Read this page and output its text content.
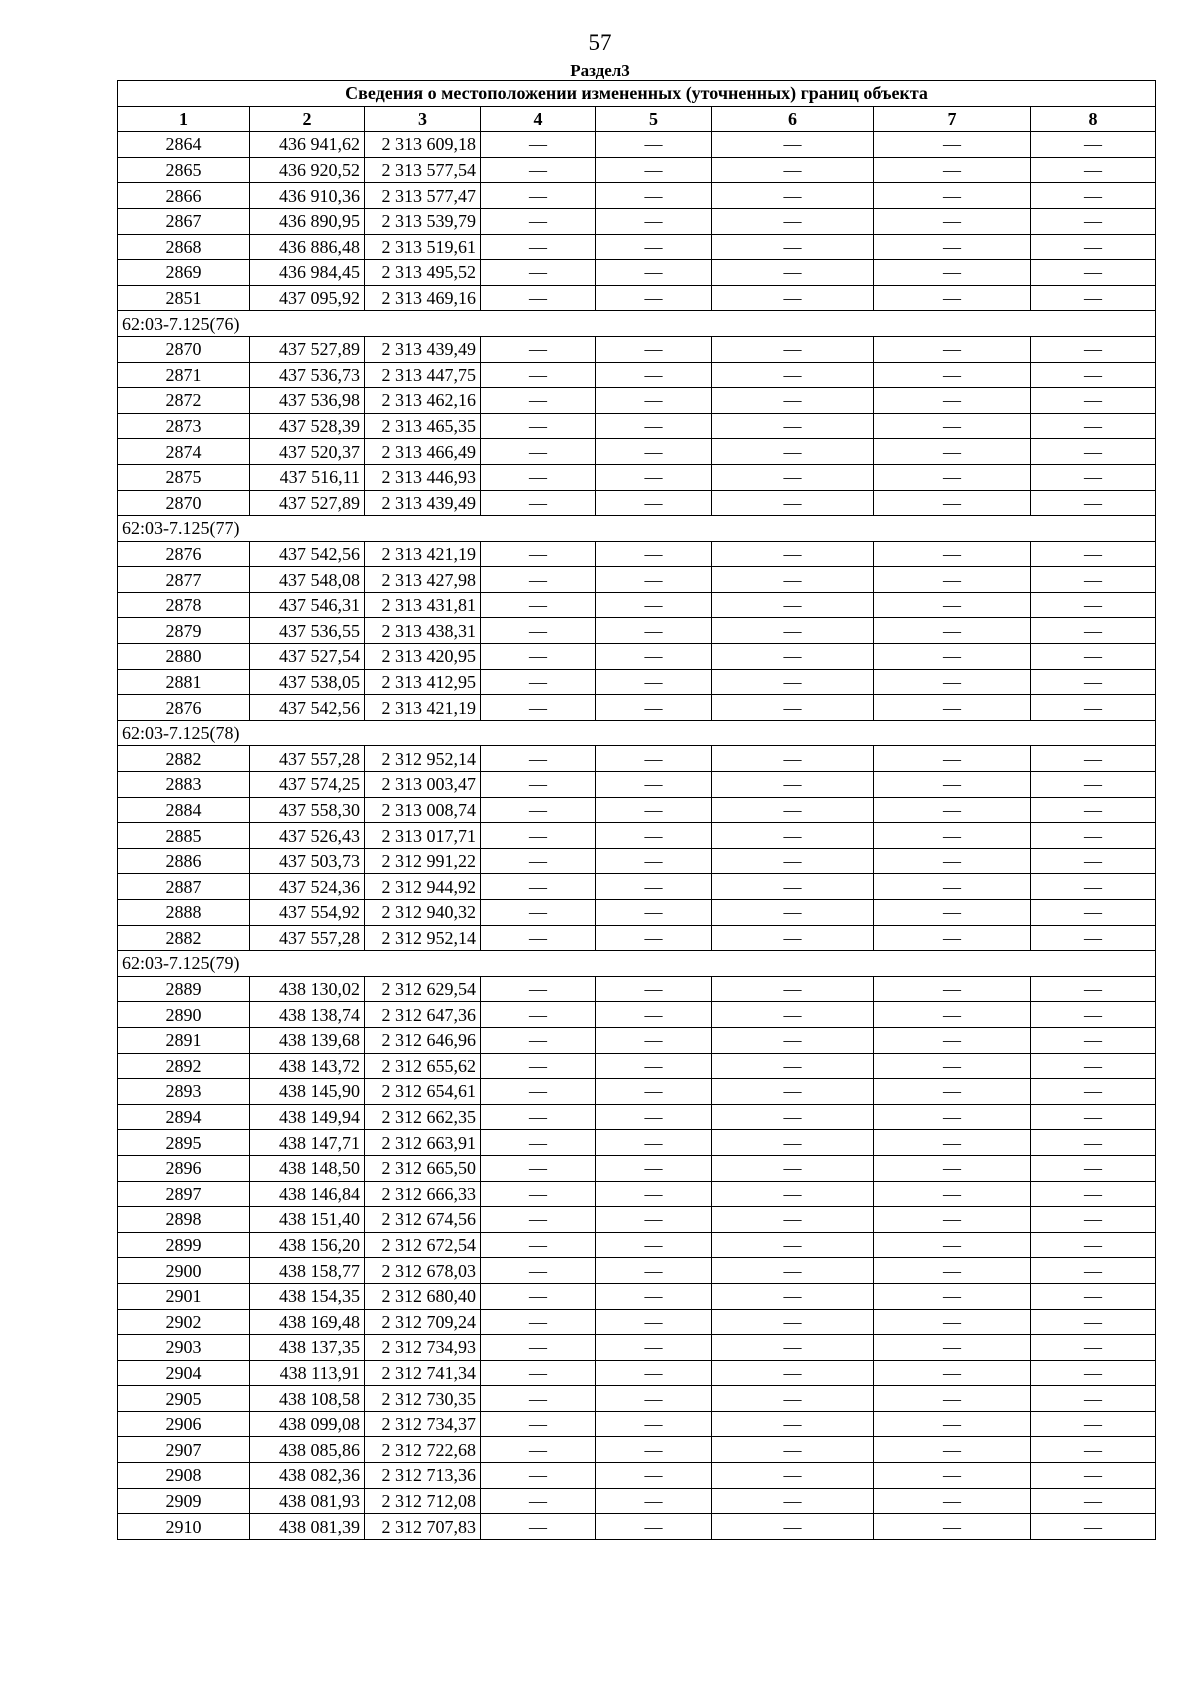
57
Раздел3
Сведения о местоположении измененных (уточненных) границ объекта							
1	2	3	4	5	6	7	8
2864	436 941,62	2 313 609,18	—	—	—	—	—
2865	436 920,52	2 313 577,54	—	—	—	—	—
2866	436 910,36	2 313 577,47	—	—	—	—	—
2867	436 890,95	2 313 539,79	—	—	—	—	—
2868	436 886,48	2 313 519,61	—	—	—	—	—
2869	436 984,45	2 313 495,52	—	—	—	—	—
2851	437 095,92	2 313 469,16	—	—	—	—	—
62:03-7.125(76)							
2870	437 527,89	2 313 439,49	—	—	—	—	—
2871	437 536,73	2 313 447,75	—	—	—	—	—
2872	437 536,98	2 313 462,16	—	—	—	—	—
2873	437 528,39	2 313 465,35	—	—	—	—	—
2874	437 520,37	2 313 466,49	—	—	—	—	—
2875	437 516,11	2 313 446,93	—	—	—	—	—
2870	437 527,89	2 313 439,49	—	—	—	—	—
62:03-7.125(77)							
2876	437 542,56	2 313 421,19	—	—	—	—	—
2877	437 548,08	2 313 427,98	—	—	—	—	—
2878	437 546,31	2 313 431,81	—	—	—	—	—
2879	437 536,55	2 313 438,31	—	—	—	—	—
2880	437 527,54	2 313 420,95	—	—	—	—	—
2881	437 538,05	2 313 412,95	—	—	—	—	—
2876	437 542,56	2 313 421,19	—	—	—	—	—
62:03-7.125(78)							
2882	437 557,28	2 312 952,14	—	—	—	—	—
2883	437 574,25	2 313 003,47	—	—	—	—	—
2884	437 558,30	2 313 008,74	—	—	—	—	—
2885	437 526,43	2 313 017,71	—	—	—	—	—
2886	437 503,73	2 312 991,22	—	—	—	—	—
2887	437 524,36	2 312 944,92	—	—	—	—	—
2888	437 554,92	2 312 940,32	—	—	—	—	—
2882	437 557,28	2 312 952,14	—	—	—	—	—
62:03-7.125(79)							
2889	438 130,02	2 312 629,54	—	—	—	—	—
2890	438 138,74	2 312 647,36	—	—	—	—	—
2891	438 139,68	2 312 646,96	—	—	—	—	—
2892	438 143,72	2 312 655,62	—	—	—	—	—
2893	438 145,90	2 312 654,61	—	—	—	—	—
2894	438 149,94	2 312 662,35	—	—	—	—	—
2895	438 147,71	2 312 663,91	—	—	—	—	—
2896	438 148,50	2 312 665,50	—	—	—	—	—
2897	438 146,84	2 312 666,33	—	—	—	—	—
2898	438 151,40	2 312 674,56	—	—	—	—	—
2899	438 156,20	2 312 672,54	—	—	—	—	—
2900	438 158,77	2 312 678,03	—	—	—	—	—
2901	438 154,35	2 312 680,40	—	—	—	—	—
2902	438 169,48	2 312 709,24	—	—	—	—	—
2903	438 137,35	2 312 734,93	—	—	—	—	—
2904	438 113,91	2 312 741,34	—	—	—	—	—
2905	438 108,58	2 312 730,35	—	—	—	—	—
2906	438 099,08	2 312 734,37	—	—	—	—	—
2907	438 085,86	2 312 722,68	—	—	—	—	—
2908	438 082,36	2 312 713,36	—	—	—	—	—
2909	438 081,93	2 312 712,08	—	—	—	—	—
2910	438 081,39	2 312 707,83	—	—	—	—	—
